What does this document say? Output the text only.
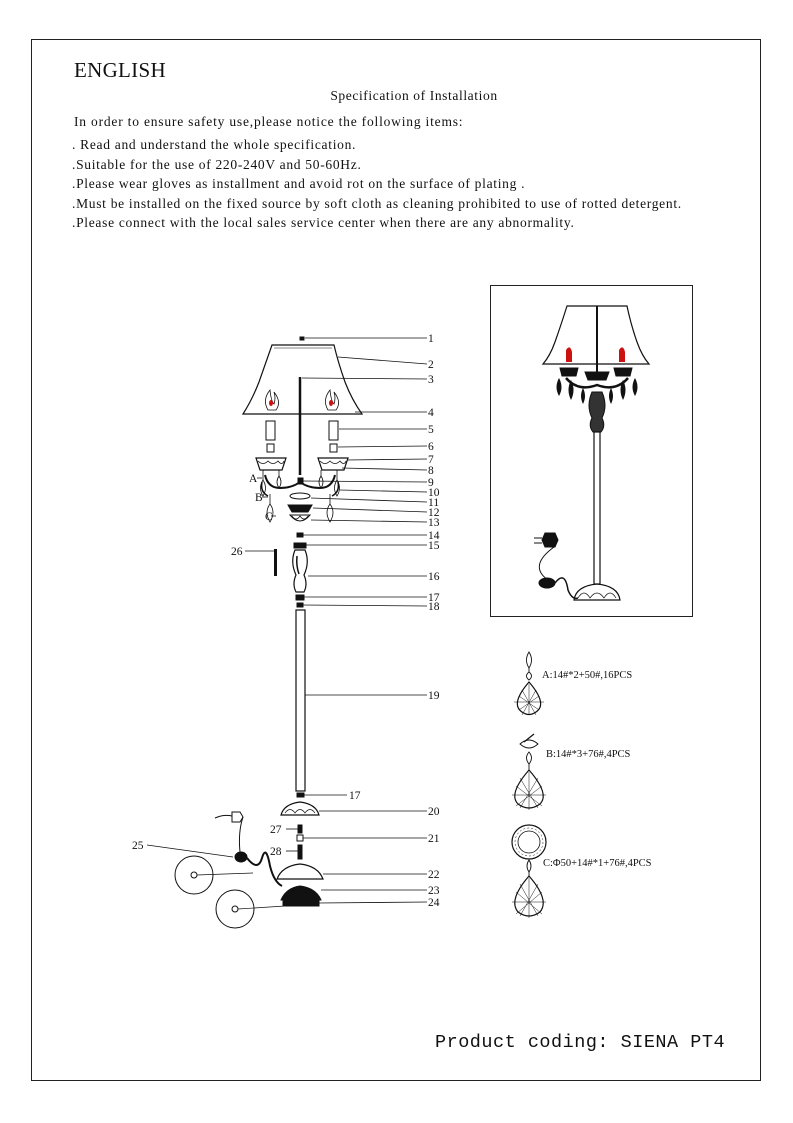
ENGLISH
Specification of Installation
In order to ensure safety use,please notice the following items:
. Read and understand the whole specification.
.Suitable for the use of 220-240V and 50-60Hz.
.Please wear gloves as installment and avoid rot on the surface of plating .
.Must be installed on the fixed source by soft cloth as cleaning prohibited to use of rotted detergent.
.Please connect with the local sales service center when there are any abnormality.
1
2
3
4
5
6
7
8
9
10
11
12
13
14
15
16
17
18
19
17
20
21
22
23
24
25
26
27
28
A
B
C
A:14#*2+50#,16PCS
B:14#*3+76#,4PCS
C:Φ50+14#*1+76#,4PCS
Product coding: SIENA PT4
